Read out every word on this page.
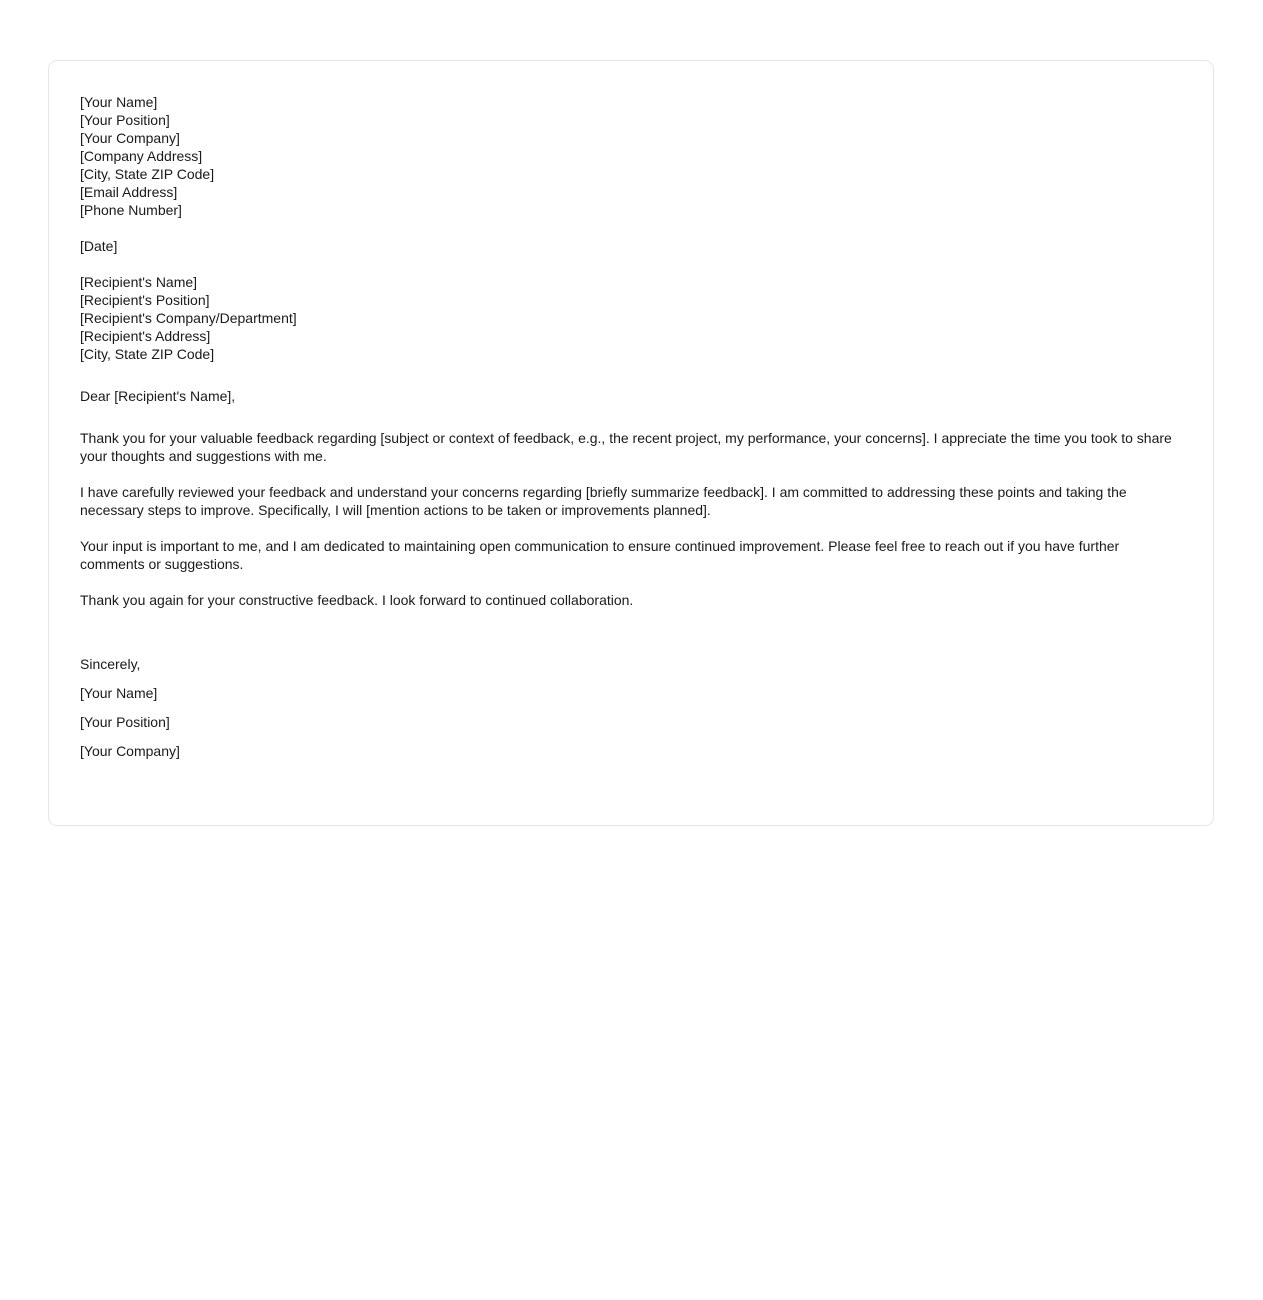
[Your Name]
[Your Position]
[Your Company]
[Company Address]
[City, State ZIP Code]
[Email Address]
[Phone Number]
[Date]
[Recipient's Name]
[Recipient's Position]
[Recipient's Company/Department]
[Recipient's Address]
[City, State ZIP Code]

Dear [Recipient's Name],

Thank you for your valuable feedback regarding [subject or context of feedback, e.g., the recent project, my performance, your concerns]. I appreciate the time you took to share your thoughts and suggestions with me.

I have carefully reviewed your feedback and understand your concerns regarding [briefly summarize feedback]. I am committed to addressing these points and taking the necessary steps to improve. Specifically, I will [mention actions to be taken or improvements planned].

Your input is important to me, and I am dedicated to maintaining open communication to ensure continued improvement. Please feel free to reach out if you have further comments or suggestions.

Thank you again for your constructive feedback. I look forward to continued collaboration.

Sincerely,

[Your Name]

[Your Position]

[Your Company]
